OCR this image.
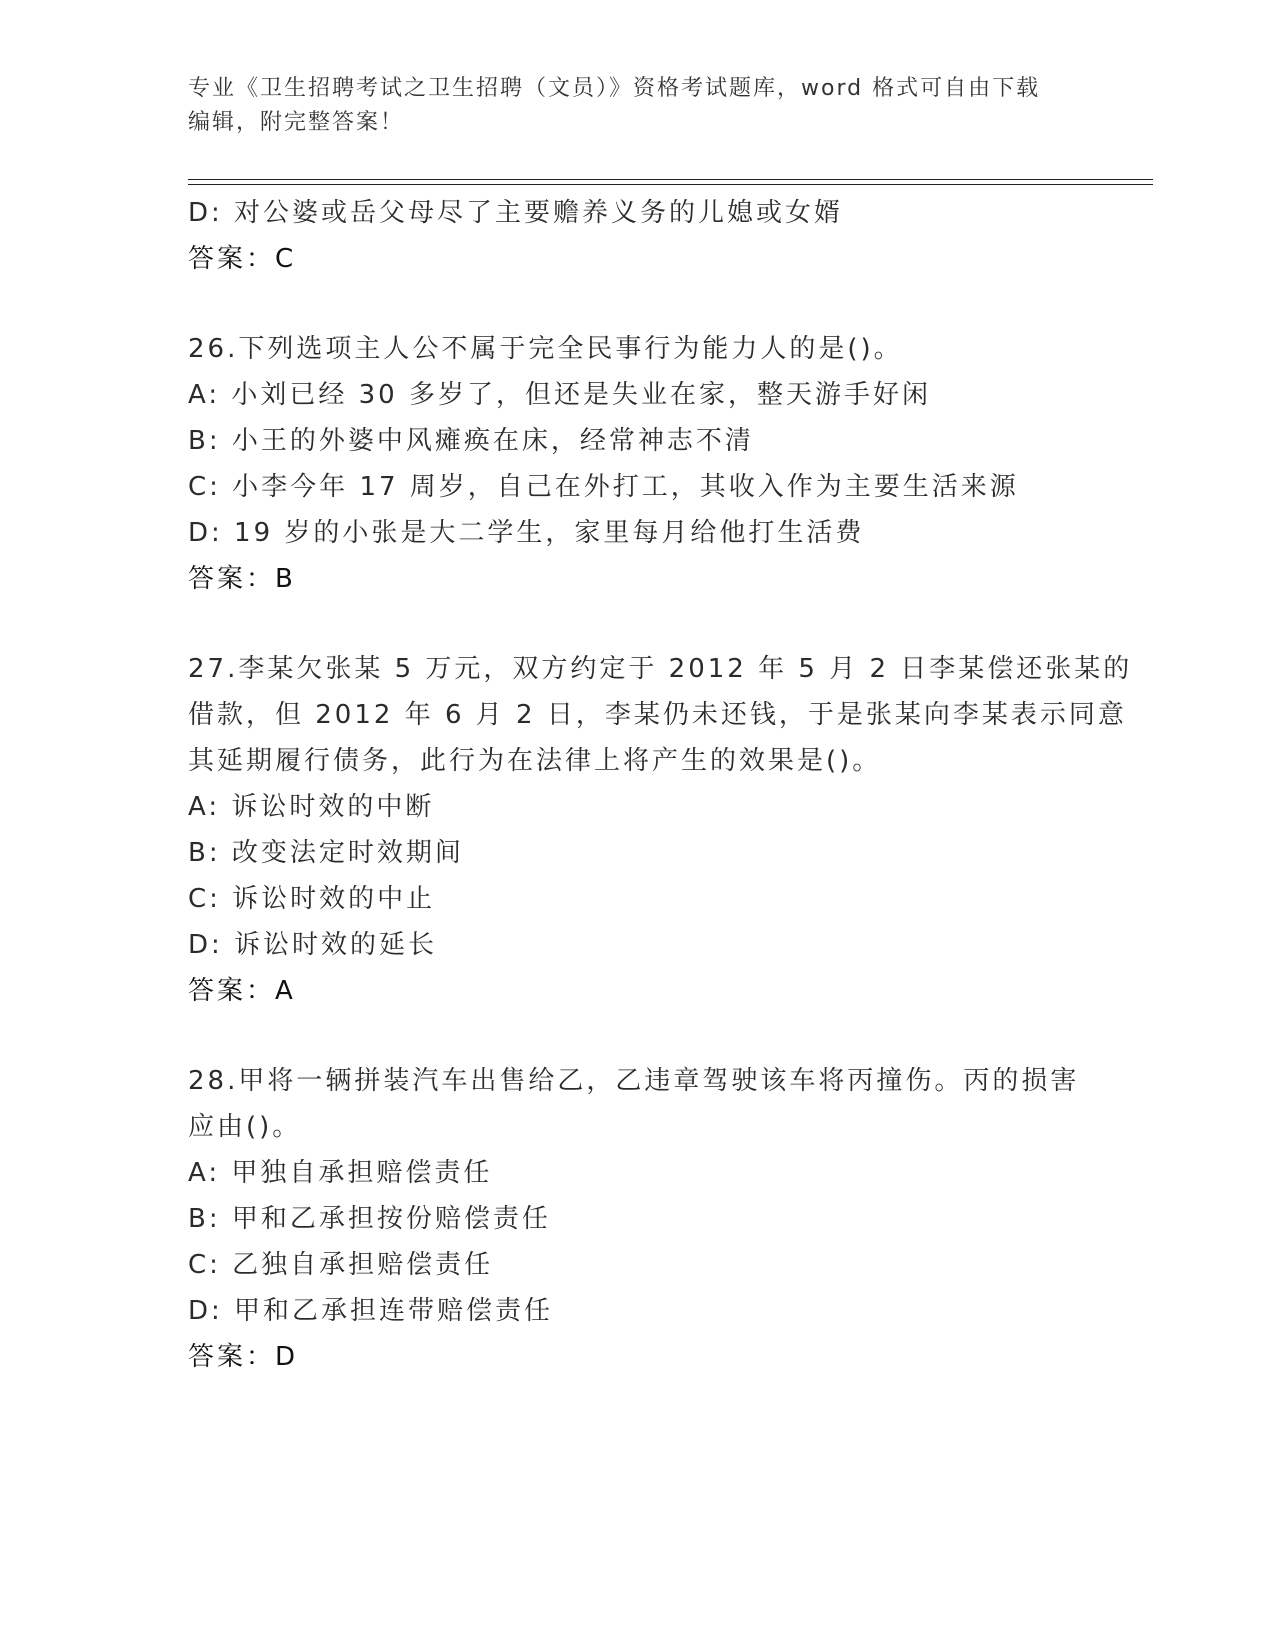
专业《卫生招聘考试之卫生招聘（文员）》资格考试题库，word 格式可自由下载
编辑，附完整答案！
D: 对公婆或岳父母尽了主要赡养义务的儿媳或女婿
答案：C
26.下列选项主人公不属于完全民事行为能力人的是()。
A: 小刘已经 30 多岁了，但还是失业在家，整天游手好闲
B: 小王的外婆中风瘫痪在床，经常神志不清
C: 小李今年 17 周岁，自己在外打工，其收入作为主要生活来源
D: 19 岁的小张是大二学生，家里每月给他打生活费
答案：B
27.李某欠张某 5 万元，双方约定于 2012 年 5 月 2 日李某偿还张某的
借款，但 2012 年 6 月 2 日，李某仍未还钱，于是张某向李某表示同意
其延期履行债务，此行为在法律上将产生的效果是()。
A: 诉讼时效的中断
B: 改变法定时效期间
C: 诉讼时效的中止
D: 诉讼时效的延长
答案：A
28.甲将一辆拼装汽车出售给乙，乙违章驾驶该车将丙撞伤。丙的损害
应由()。
A: 甲独自承担赔偿责任
B: 甲和乙承担按份赔偿责任
C: 乙独自承担赔偿责任
D: 甲和乙承担连带赔偿责任
答案：D
